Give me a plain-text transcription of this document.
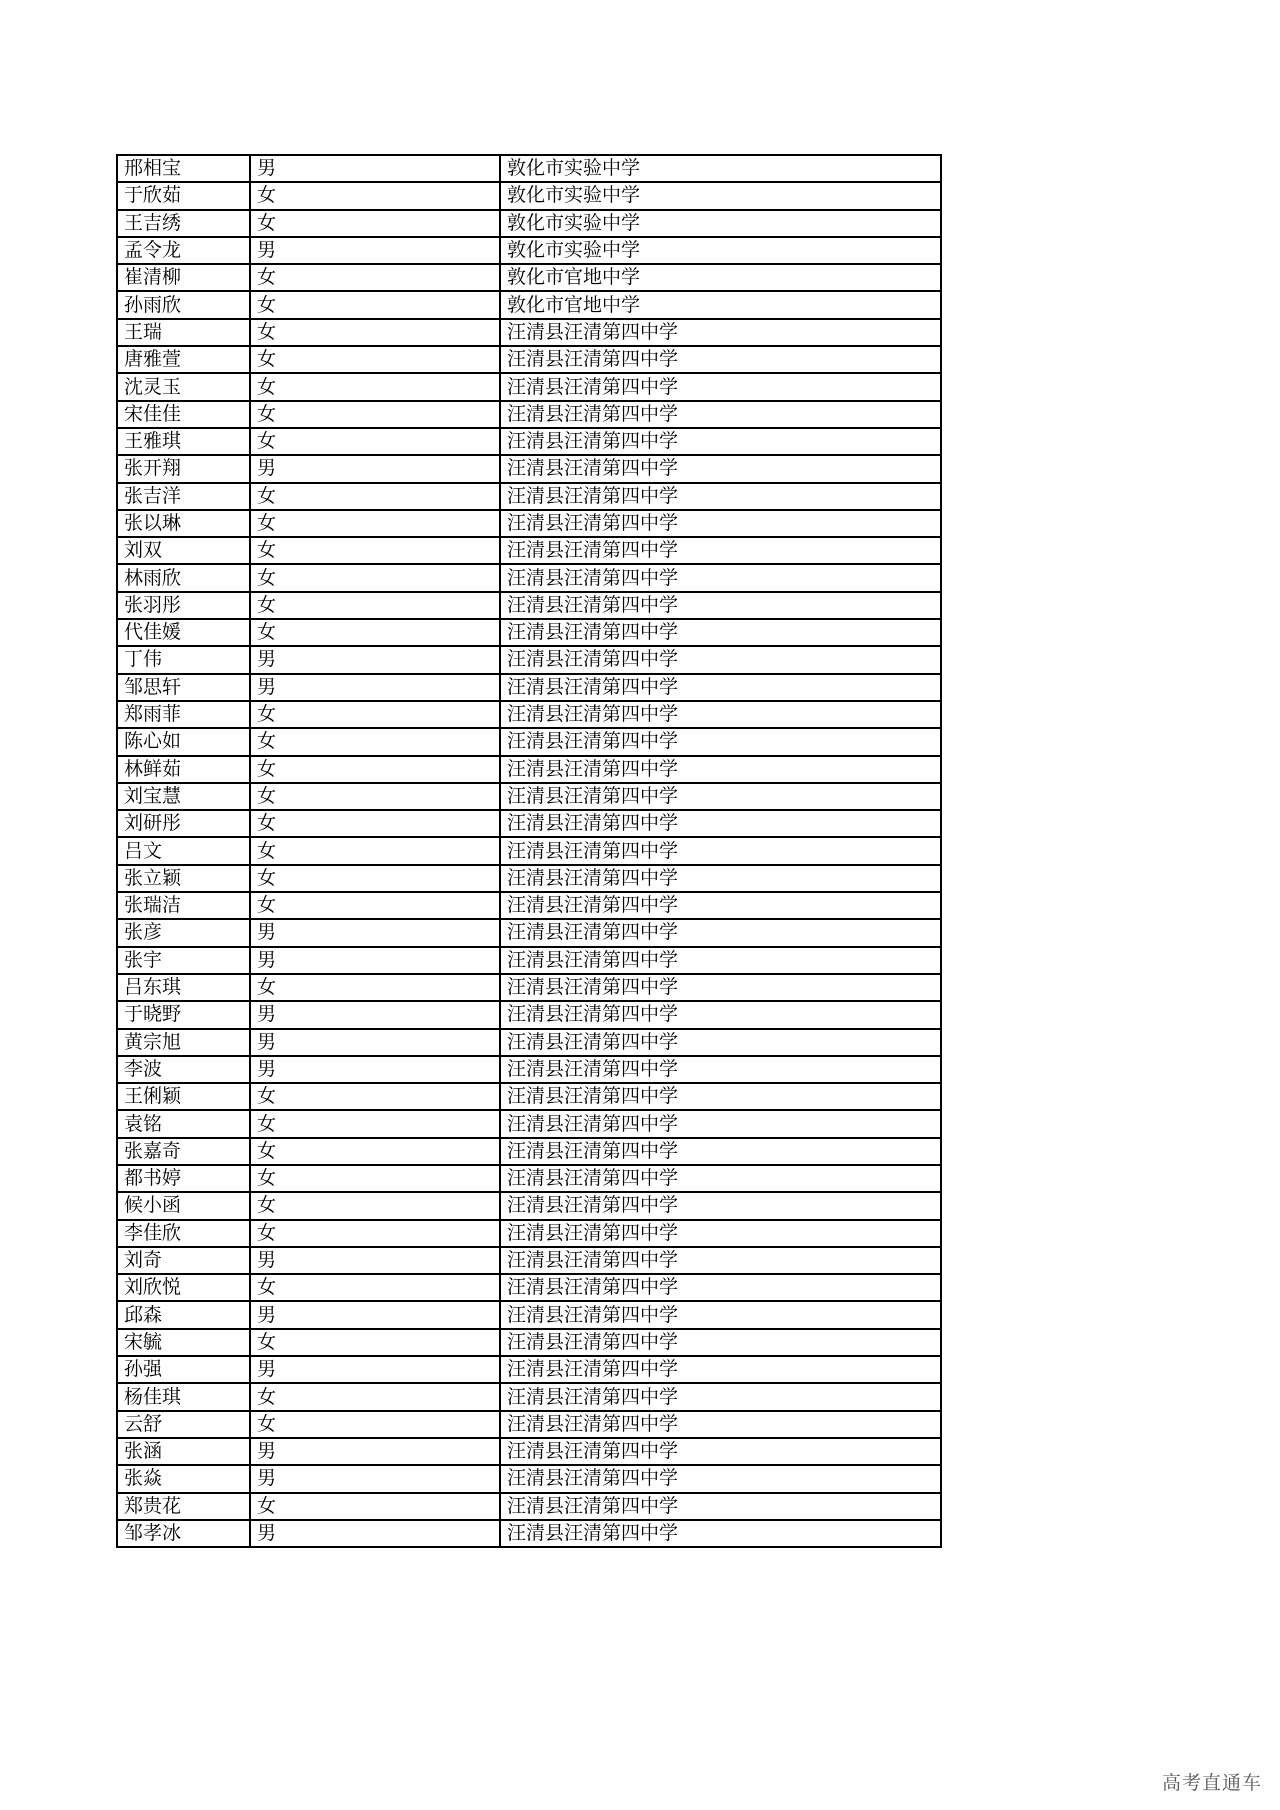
邢相宝	男	敦化市实验中学
于欣茹	女	敦化市实验中学
王吉绣	女	敦化市实验中学
孟令龙	男	敦化市实验中学
崔清柳	女	敦化市官地中学
孙雨欣	女	敦化市官地中学
王瑞	女	汪清县汪清第四中学
唐雅萱	女	汪清县汪清第四中学
沈灵玉	女	汪清县汪清第四中学
宋佳佳	女	汪清县汪清第四中学
王雅琪	女	汪清县汪清第四中学
张开翔	男	汪清县汪清第四中学
张吉洋	女	汪清县汪清第四中学
张以琳	女	汪清县汪清第四中学
刘双	女	汪清县汪清第四中学
林雨欣	女	汪清县汪清第四中学
张羽彤	女	汪清县汪清第四中学
代佳媛	女	汪清县汪清第四中学
丁伟	男	汪清县汪清第四中学
邹思轩	男	汪清县汪清第四中学
郑雨菲	女	汪清县汪清第四中学
陈心如	女	汪清县汪清第四中学
林鲜茹	女	汪清县汪清第四中学
刘宝慧	女	汪清县汪清第四中学
刘研彤	女	汪清县汪清第四中学
吕文	女	汪清县汪清第四中学
张立颖	女	汪清县汪清第四中学
张瑞洁	女	汪清县汪清第四中学
张彦	男	汪清县汪清第四中学
张宇	男	汪清县汪清第四中学
吕东琪	女	汪清县汪清第四中学
于晓野	男	汪清县汪清第四中学
黄宗旭	男	汪清县汪清第四中学
李波	男	汪清县汪清第四中学
王俐颖	女	汪清县汪清第四中学
袁铭	女	汪清县汪清第四中学
张嘉奇	女	汪清县汪清第四中学
都书婷	女	汪清县汪清第四中学
候小函	女	汪清县汪清第四中学
李佳欣	女	汪清县汪清第四中学
刘奇	男	汪清县汪清第四中学
刘欣悦	女	汪清县汪清第四中学
邱森	男	汪清县汪清第四中学
宋毓	女	汪清县汪清第四中学
孙强	男	汪清县汪清第四中学
杨佳琪	女	汪清县汪清第四中学
云舒	女	汪清县汪清第四中学
张涵	男	汪清县汪清第四中学
张焱	男	汪清县汪清第四中学
郑贵花	女	汪清县汪清第四中学
邹孝冰	男	汪清县汪清第四中学
高考直通车
